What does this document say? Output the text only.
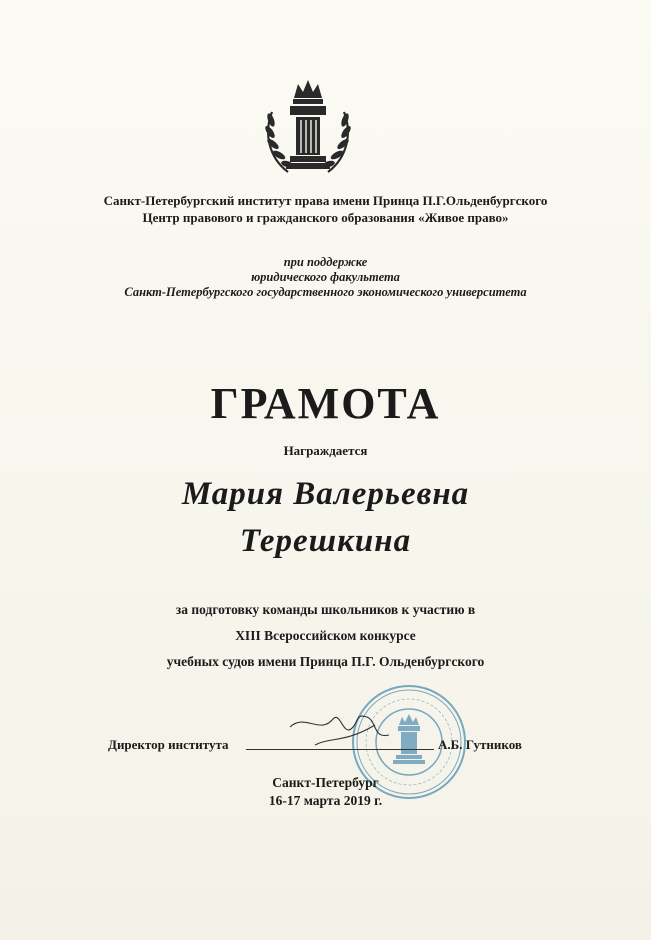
Санкт-Петербургский институт права имени Принца П.Г.Ольденбургского
Центр правового и гражданского образования «Живое право»
при поддержке
юридического факультета
Санкт-Петербургского государственного экономического университета
ГРАМОТА
Награждается
Мария Валерьевна
Терешкина
за подготовку команды школьников к участию в
XIII Всероссийском конкурсе
учебных судов имени Принца П.Г. Ольденбургского
Директор института	А.Б. Гутников
Санкт-Петербург
16-17 марта 2019 г.
